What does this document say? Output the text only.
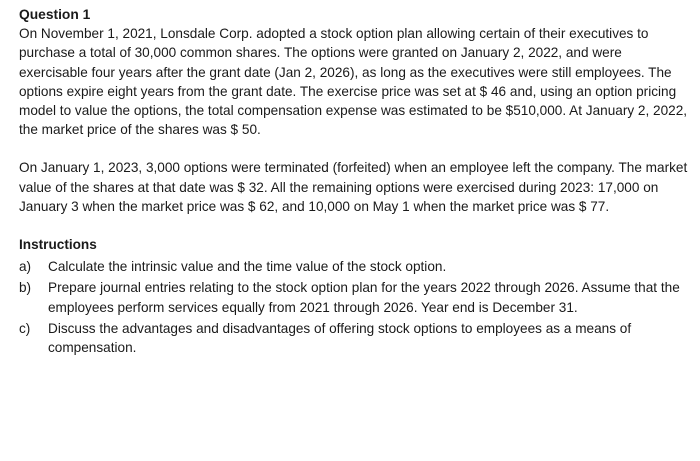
Question 1

On November 1, 2021, Lonsdale Corp. adopted a stock option plan allowing certain of their executives to purchase a total of 30,000 common shares. The options were granted on January 2, 2022, and were exercisable four years after the grant date (Jan 2, 2026), as long as the executives were still employees. The options expire eight years from the grant date. The exercise price was set at $ 46 and, using an option pricing model to value the options, the total compensation expense was estimated to be $510,000. At January 2, 2022, the market price of the shares was $ 50.

On January 1, 2023, 3,000 options were terminated (forfeited) when an employee left the company. The market value of the shares at that date was $ 32. All the remaining options were exercised during 2023: 17,000 on January 3 when the market price was $ 62, and 10,000 on May 1 when the market price was $ 77.

Instructions
a)	Calculate the intrinsic value and the time value of the stock option.
b)	Prepare journal entries relating to the stock option plan for the years 2022 through 2026. Assume that the employees perform services equally from 2021 through 2026. Year end is December 31.
c)	Discuss the advantages and disadvantages of offering stock options to employees as a means of compensation.
